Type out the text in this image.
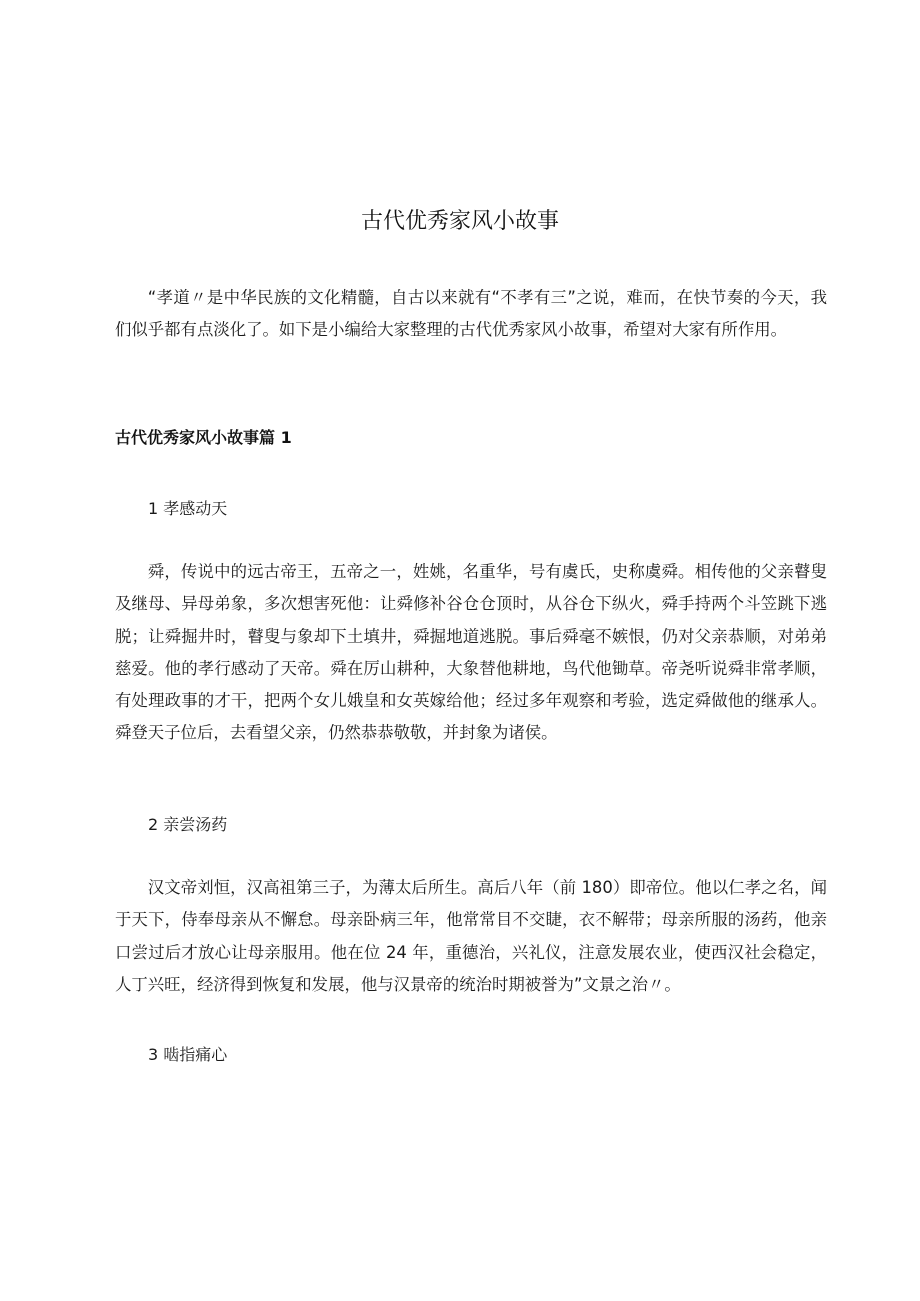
古代优秀家风小故事

“孝道〃是中华民族的文化精髓，自古以来就有“不孝有三”之说，难而，在快节奏的今天，我们似乎都有点淡化了。如下是小编给大家整理的古代优秀家风小故事，希望对大家有所作用。

古代优秀家风小故事篇 1
1 孝感动天

舜，传说中的远古帝王，五帝之一，姓姚，名重华，号有虞氏，史称虞舜。相传他的父亲瞽叟及继母、异母弟象，多次想害死他：让舜修补谷仓仓顶时，从谷仓下纵火，舜手持两个斗笠跳下逃脱；让舜掘井时，瞽叟与象却下土填井，舜掘地道逃脱。事后舜毫不嫉恨，仍对父亲恭顺，对弟弟慈爱。他的孝行感动了天帝。舜在厉山耕种，大象替他耕地，鸟代他锄草。帝尧听说舜非常孝顺，有处理政事的才干，把两个女儿娥皇和女英嫁给他；经过多年观察和考验，选定舜做他的继承人。舜登天子位后，去看望父亲，仍然恭恭敬敬，并封象为诸侯。

2 亲尝汤药

汉文帝刘恒，汉高祖第三子，为薄太后所生。高后八年（前 180）即帝位。他以仁孝之名，闻于天下，侍奉母亲从不懈怠。母亲卧病三年，他常常目不交睫，衣不解带；母亲所服的汤药，他亲口尝过后才放心让母亲服用。他在位 24 年，重德治，兴礼仪，注意发展农业，使西汉社会稳定，人丁兴旺，经济得到恢复和发展，他与汉景帝的统治时期被誉为”文景之治〃。

3 啮指痛心
